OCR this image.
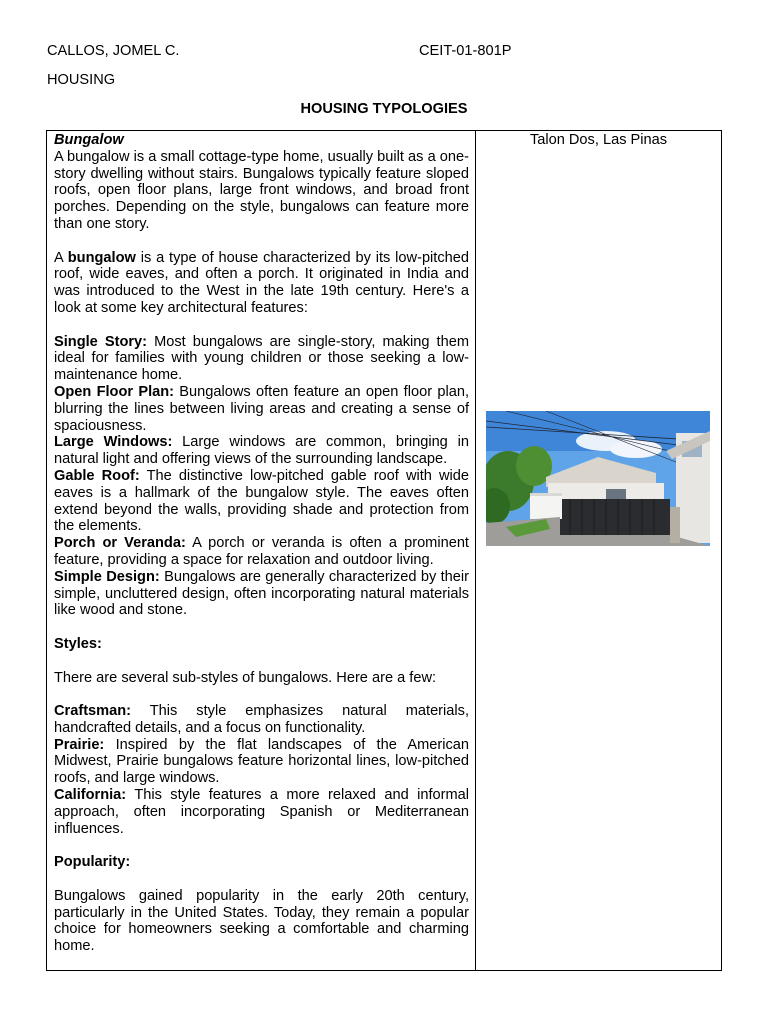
CALLOS, JOMEL C.	CEIT-01-801P
HOUSING
HOUSING TYPOLOGIES

Bungalow

A bungalow is a small cottage-type home, usually built as a one-story dwelling without stairs. Bungalows typically feature sloped roofs, open floor plans, large front windows, and broad front porches. Depending on the style, bungalows can feature more than one story.

A bungalow is a type of house characterized by its low-pitched roof, wide eaves, and often a porch. It originated in India and was introduced to the West in the late 19th century. Here's a look at some key architectural features:

Single Story: Most bungalows are single-story, making them ideal for families with young children or those seeking a low-maintenance home.

Open Floor Plan: Bungalows often feature an open floor plan, blurring the lines between living areas and creating a sense of spaciousness.

Large Windows: Large windows are common, bringing in natural light and offering views of the surrounding landscape.

Gable Roof: The distinctive low-pitched gable roof with wide eaves is a hallmark of the bungalow style. The eaves often extend beyond the walls, providing shade and protection from the elements.

Porch or Veranda: A porch or veranda is often a prominent feature, providing a space for relaxation and outdoor living.

Simple Design: Bungalows are generally characterized by their simple, uncluttered design, often incorporating natural materials like wood and stone.

Styles:

There are several sub-styles of bungalows. Here are a few:

Craftsman: This style emphasizes natural materials, handcrafted details, and a focus on functionality.

Prairie: Inspired by the flat landscapes of the American Midwest, Prairie bungalows feature horizontal lines, low-pitched roofs, and large windows.

California: This style features a more relaxed and informal approach, often incorporating Spanish or Mediterranean influences.

Popularity:

Bungalows gained popularity in the early 20th century, particularly in the United States. Today, they remain a popular choice for homeowners seeking a comfortable and charming home.

Talon Dos, Las Pinas
